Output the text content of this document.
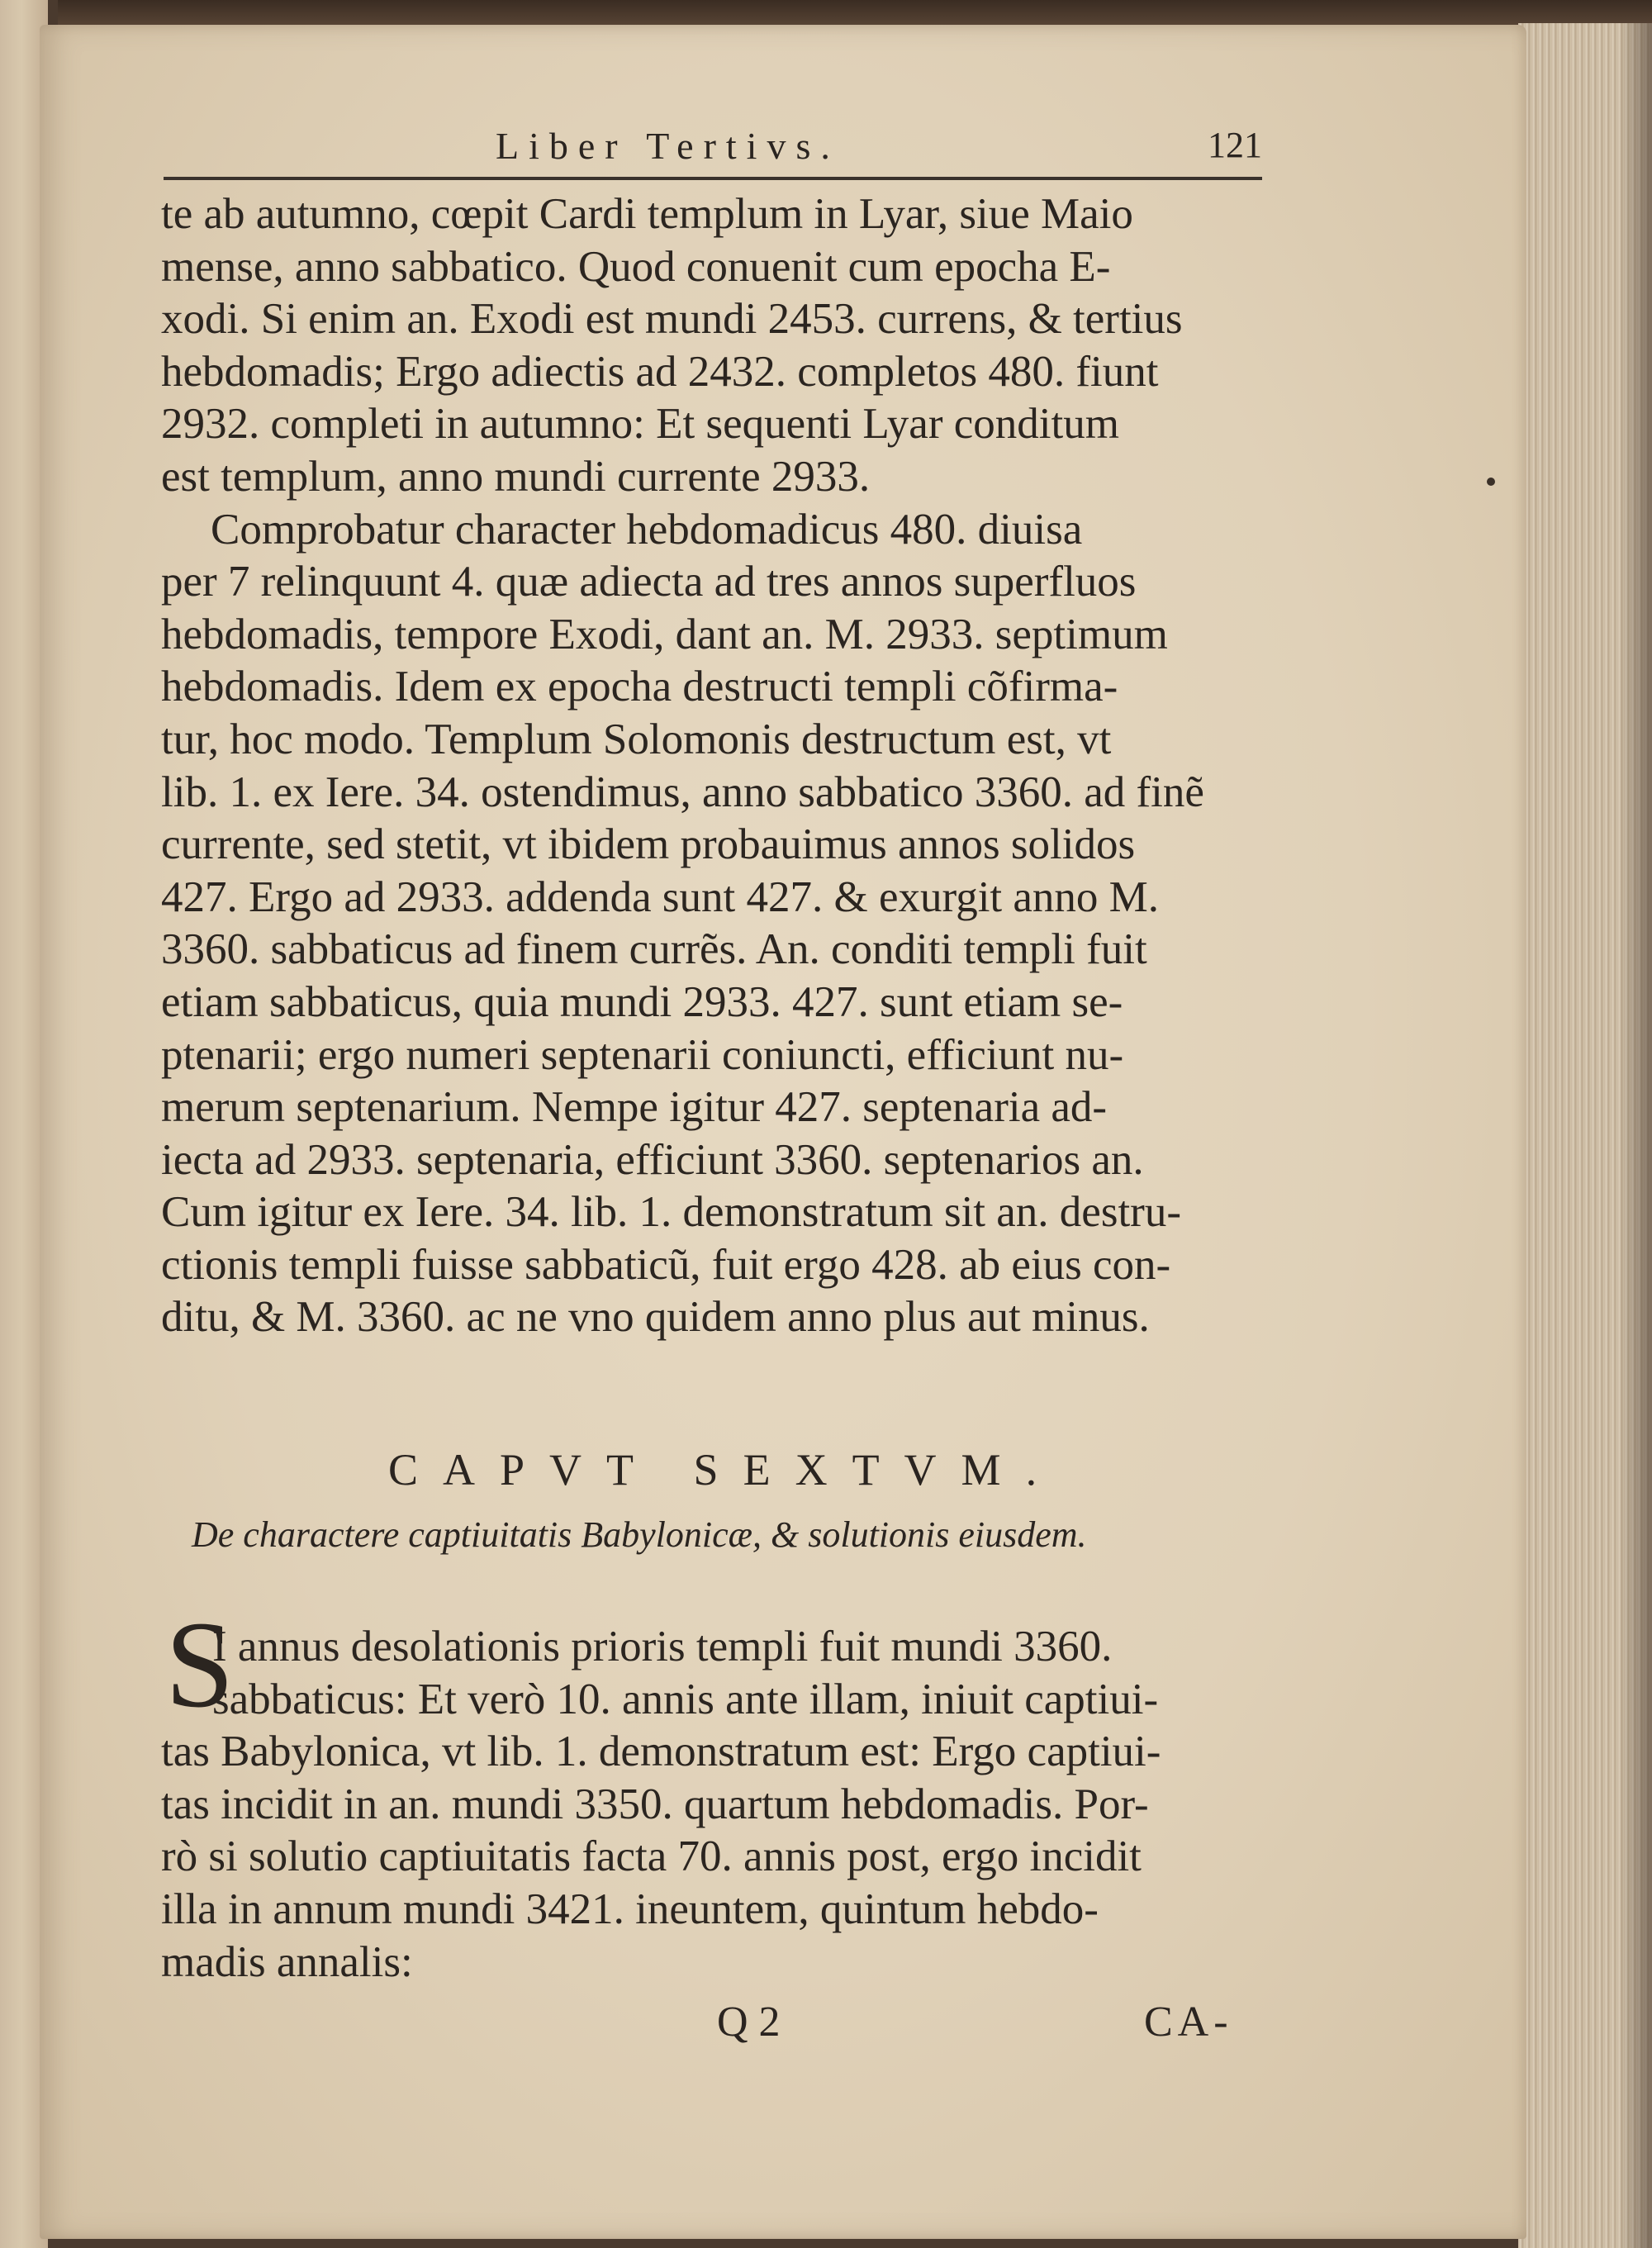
Liber Tertivs.	121
te ab autumno, cœpit Cardi templum in Lyar, siue Maio
mense, anno sabbatico. Quod conuenit cum epocha E-
xodi. Si enim an. Exodi est mundi 2453. currens, & tertius
hebdomadis; Ergo adiectis ad 2432. completos 480. fiunt
2932. completi in autumno: Et sequenti Lyar conditum
est templum, anno mundi currente 2933.
Comprobatur character hebdomadicus 480. diuisa
per 7 relinquunt 4. quæ adiecta ad tres annos superfluos
hebdomadis, tempore Exodi, dant an. M. 2933. septimum
hebdomadis. Idem ex epocha destructi templi cõfirma-
tur, hoc modo. Templum Solomonis destructum est, vt
lib. 1. ex Iere. 34. ostendimus, anno sabbatico 3360. ad finẽ
currente, sed stetit, vt ibidem probauimus annos solidos
427. Ergo ad 2933. addenda sunt 427. & exurgit anno M.
3360. sabbaticus ad finem currẽs. An. conditi templi fuit
etiam sabbaticus, quia mundi 2933. 427. sunt etiam se-
ptenarii; ergo numeri septenarii coniuncti, efficiunt nu-
merum septenarium. Nempe igitur 427. septenaria ad-
iecta ad 2933. septenaria, efficiunt 3360. septenarios an.
Cum igitur ex Iere. 34. lib. 1. demonstratum sit an. destru-
ctionis templi fuisse sabbaticũ, fuit ergo 428. ab eius con-
ditu, & M. 3360. ac ne vno quidem anno plus aut minus.
CAPVT SEXTVM.
De charactere captiuitatis Babylonicæ, & solutionis eiusdem.
S
I annus desolationis prioris templi fuit mundi 3360.
sabbaticus: Et verò 10. annis ante illam, iniuit captiui-
tas Babylonica, vt lib. 1. demonstratum est: Ergo captiui-
tas incidit in an. mundi 3350. quartum hebdomadis. Por-
rò si solutio captiuitatis facta 70. annis post, ergo incidit
illa in annum mundi 3421. ineuntem, quintum hebdo-
madis annalis:
Q 2	CA-
